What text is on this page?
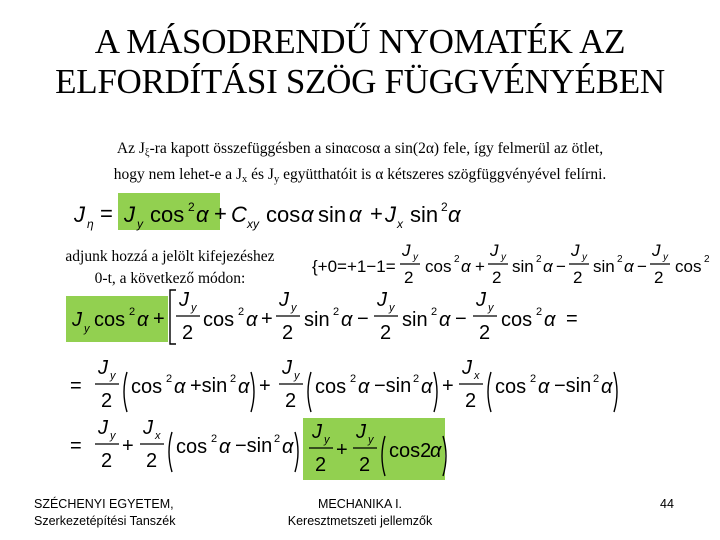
A MÁSODRENDŰ NYOMATÉK AZ
ELFORDÍTÁSI SZÖG FÜGGVÉNYÉBEN
Az $J_\xi-ra$ kapott összefüggésben a sinαcosα a sin(2α) fele, így felmerül az ötlet,
hogy nem lehet-e a $J_x$ és $J_y$ együtthatóit is α kétszeres szögfüggvényével felírni.
adjunk hozzá a jelölt kifejezéshez
0-t, a következő módon:
J η = J y cos 2 α + C xy cos α sin α + J x sin 2 α
{+0=+1−1=
J y
2
cos 2 α +
J y
2
sin 2 α −
J y
2
sin 2 α −
J y
2
cos 2
J y cos 2 α +
J y
2
cos 2 α +
J y
2
sin 2 α −
J y
2
sin 2 α −
J y
2
cos 2 α =
=
J y
2
cos 2 α +sin 2 α +
J y
2
cos 2 α −sin 2 α +
J x
2
cos 2 α −sin 2 α
=
J y
2
+
J x
2
cos 2 α −sin 2 α
J y
2
+
J y
2
cos2
α
SZÉCHENYI EGYETEM,
Szerkezetépítési Tanszék
MECHANIKA I.
Keresztmetszeti jellemzők
44
